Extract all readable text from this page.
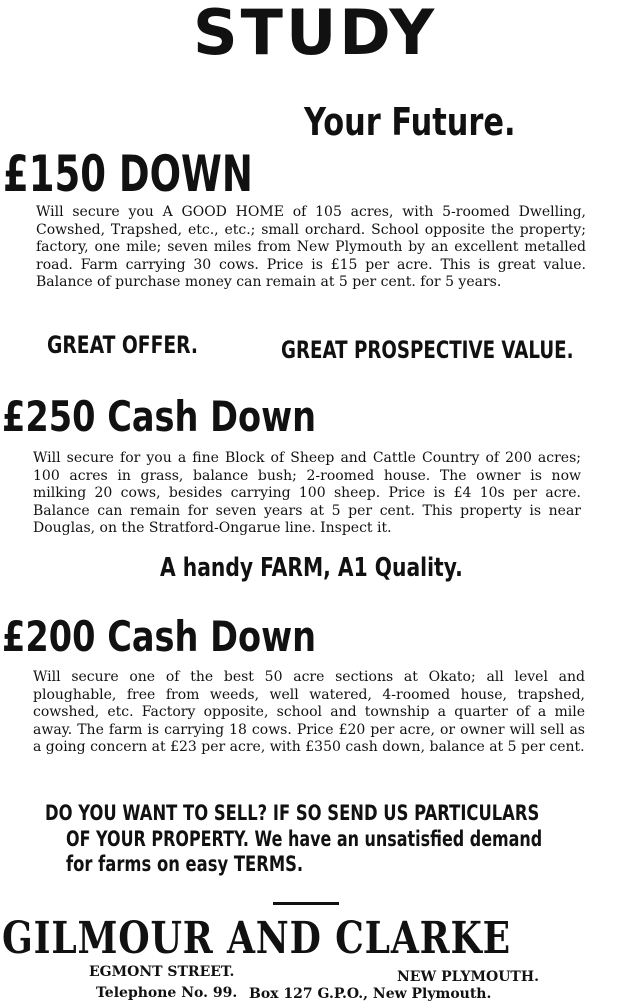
STUDY
Your Future.
£150 DOWN

Will secure you A GOOD HOME of 105 acres, with 5-roomed Dwelling, Cowshed, Trapshed, etc., etc.; small orchard. School opposite the property; factory, one mile; seven miles from New Plymouth by an excellent metalled road. Farm carrying 30 cows. Price is £15 per acre. This is great value. Balance of purchase money can remain at 5 per cent. for 5 years.

GREAT OFFER.	GREAT PROSPECTIVE VALUE.
£250 Cash Down

Will secure for you a fine Block of Sheep and Cattle Country of 200 acres; 100 acres in grass, balance bush; 2-roomed house. The owner is now milking 20 cows, besides carrying 100 sheep. Price is £4 10s per acre. Balance can remain for seven years at 5 per cent. This property is near Douglas, on the Stratford-Ongarue line. Inspect it.

A handy FARM, A1 Quality.
£200 Cash Down

Will secure one of the best 50 acre sections at Okato; all level and ploughable, free from weeds, well watered, 4-roomed house, trapshed, cowshed, etc. Factory opposite, school and township a quarter of a mile away. The farm is carrying 18 cows. Price £20 per acre, or owner will sell as a going concern at £23 per acre, with £350 cash down, balance at 5 per cent.

DO YOU WANT TO SELL? IF SO SEND US PARTICULARS
OF YOUR PROPERTY. We have an unsatisfied demand
for farms on easy TERMS.
GILMOUR AND CLARKE
EGMONT STREET.	NEW PLYMOUTH.
Telephone No. 99. Box 127 G.P.O., New Plymouth.
